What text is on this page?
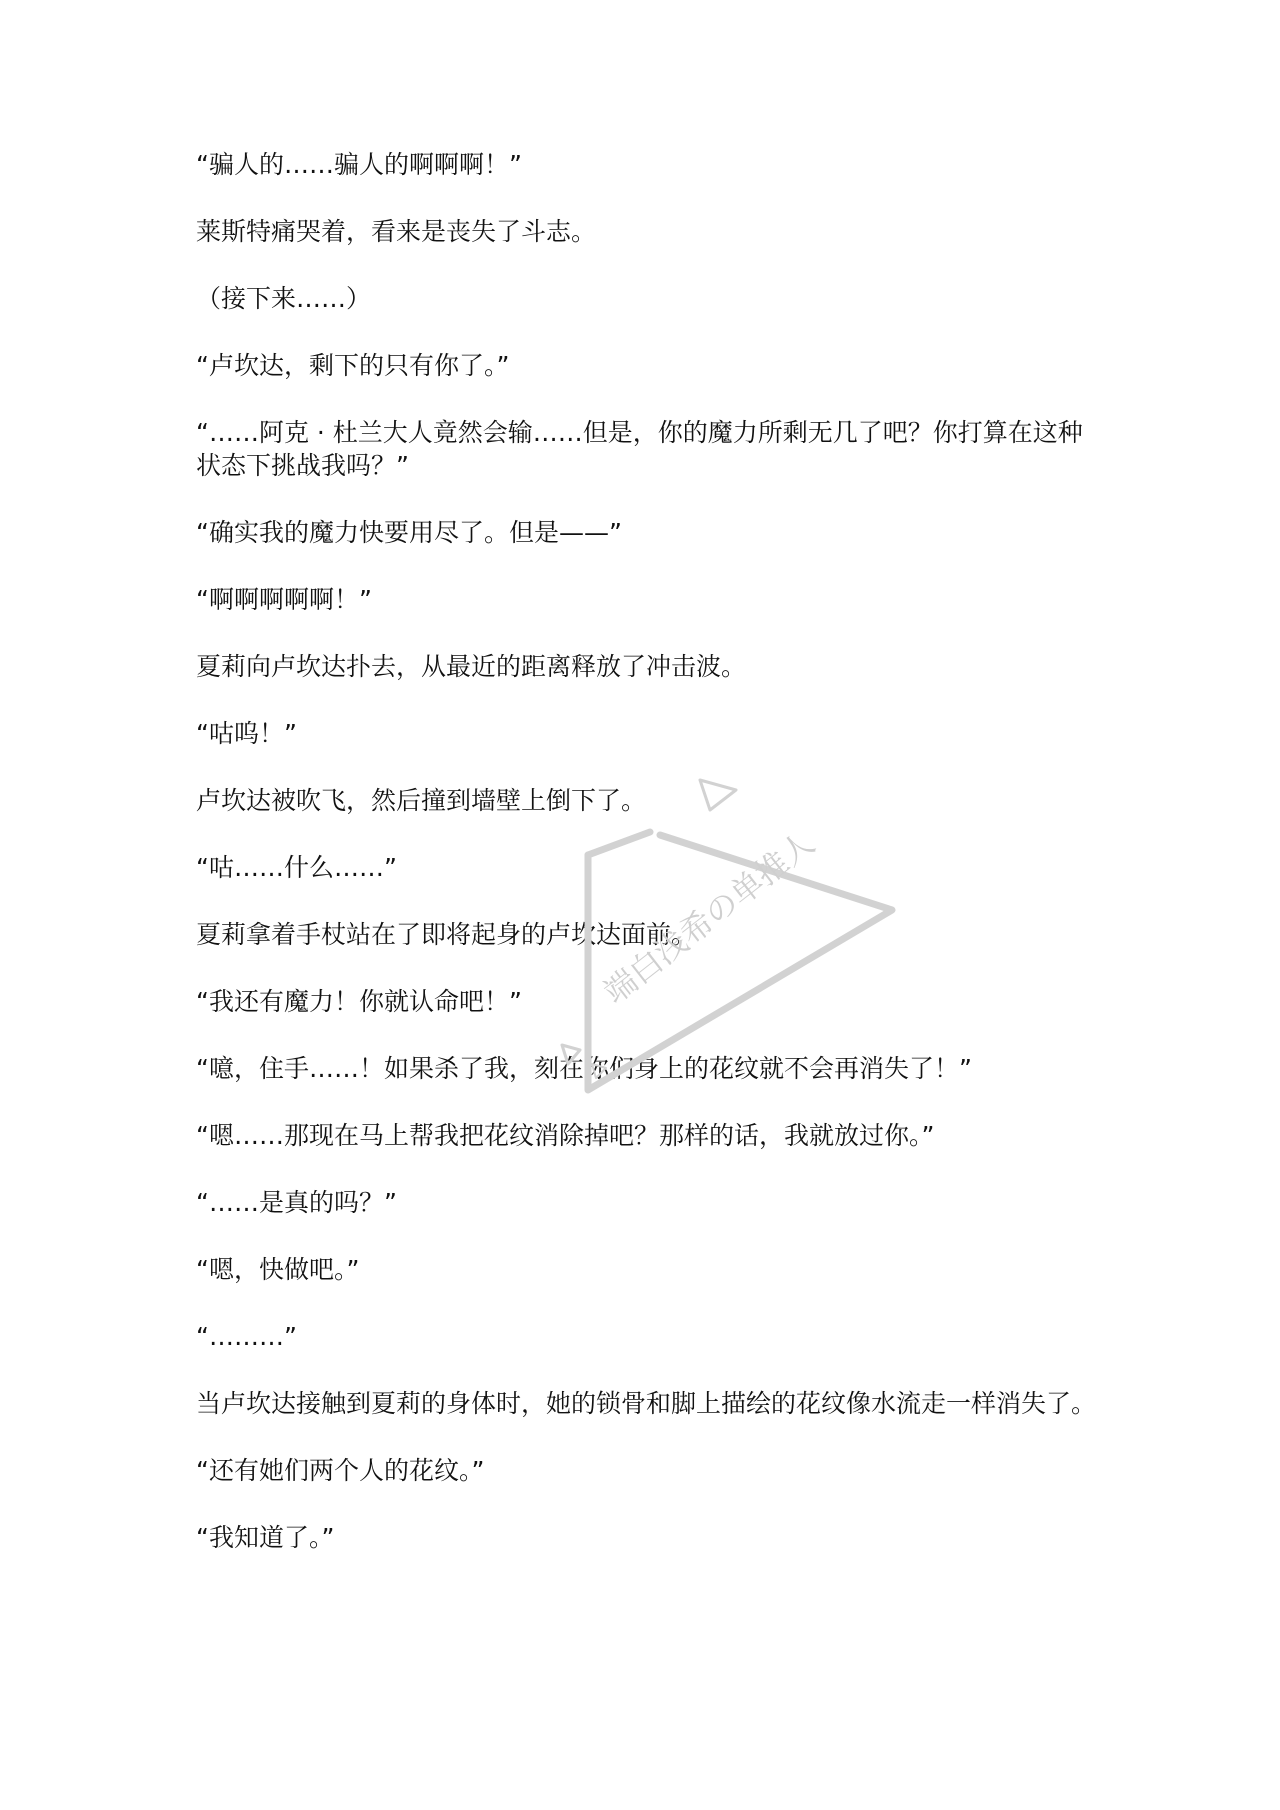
“骗人的……骗人的啊啊啊！”

莱斯特痛哭着，看来是丧失了斗志。

（接下来……）

“卢坎达，剩下的只有你了。”

“……阿克 · 杜兰大人竟然会输……但是，你的魔力所剩无几了吧？你打算在这种状态下挑战我吗？”

“确实我的魔力快要用尽了。但是——”

“啊啊啊啊啊！”

夏莉向卢坎达扑去，从最近的距离释放了冲击波。

“咕呜！”

卢坎达被吹飞，然后撞到墙壁上倒下了。

“咕……什么……”

夏莉拿着手杖站在了即将起身的卢坎达面前。

“我还有魔力！你就认命吧！”

“噫，住手……！如果杀了我，刻在你们身上的花纹就不会再消失了！”

“嗯……那现在马上帮我把花纹消除掉吧？那样的话，我就放过你。”

“……是真的吗？”

“嗯，快做吧。”

“………”

当卢坎达接触到夏莉的身体时，她的锁骨和脚上描绘的花纹像水流走一样消失了。

“还有她们两个人的花纹。”

“我知道了。”

端白浅希の单推人
